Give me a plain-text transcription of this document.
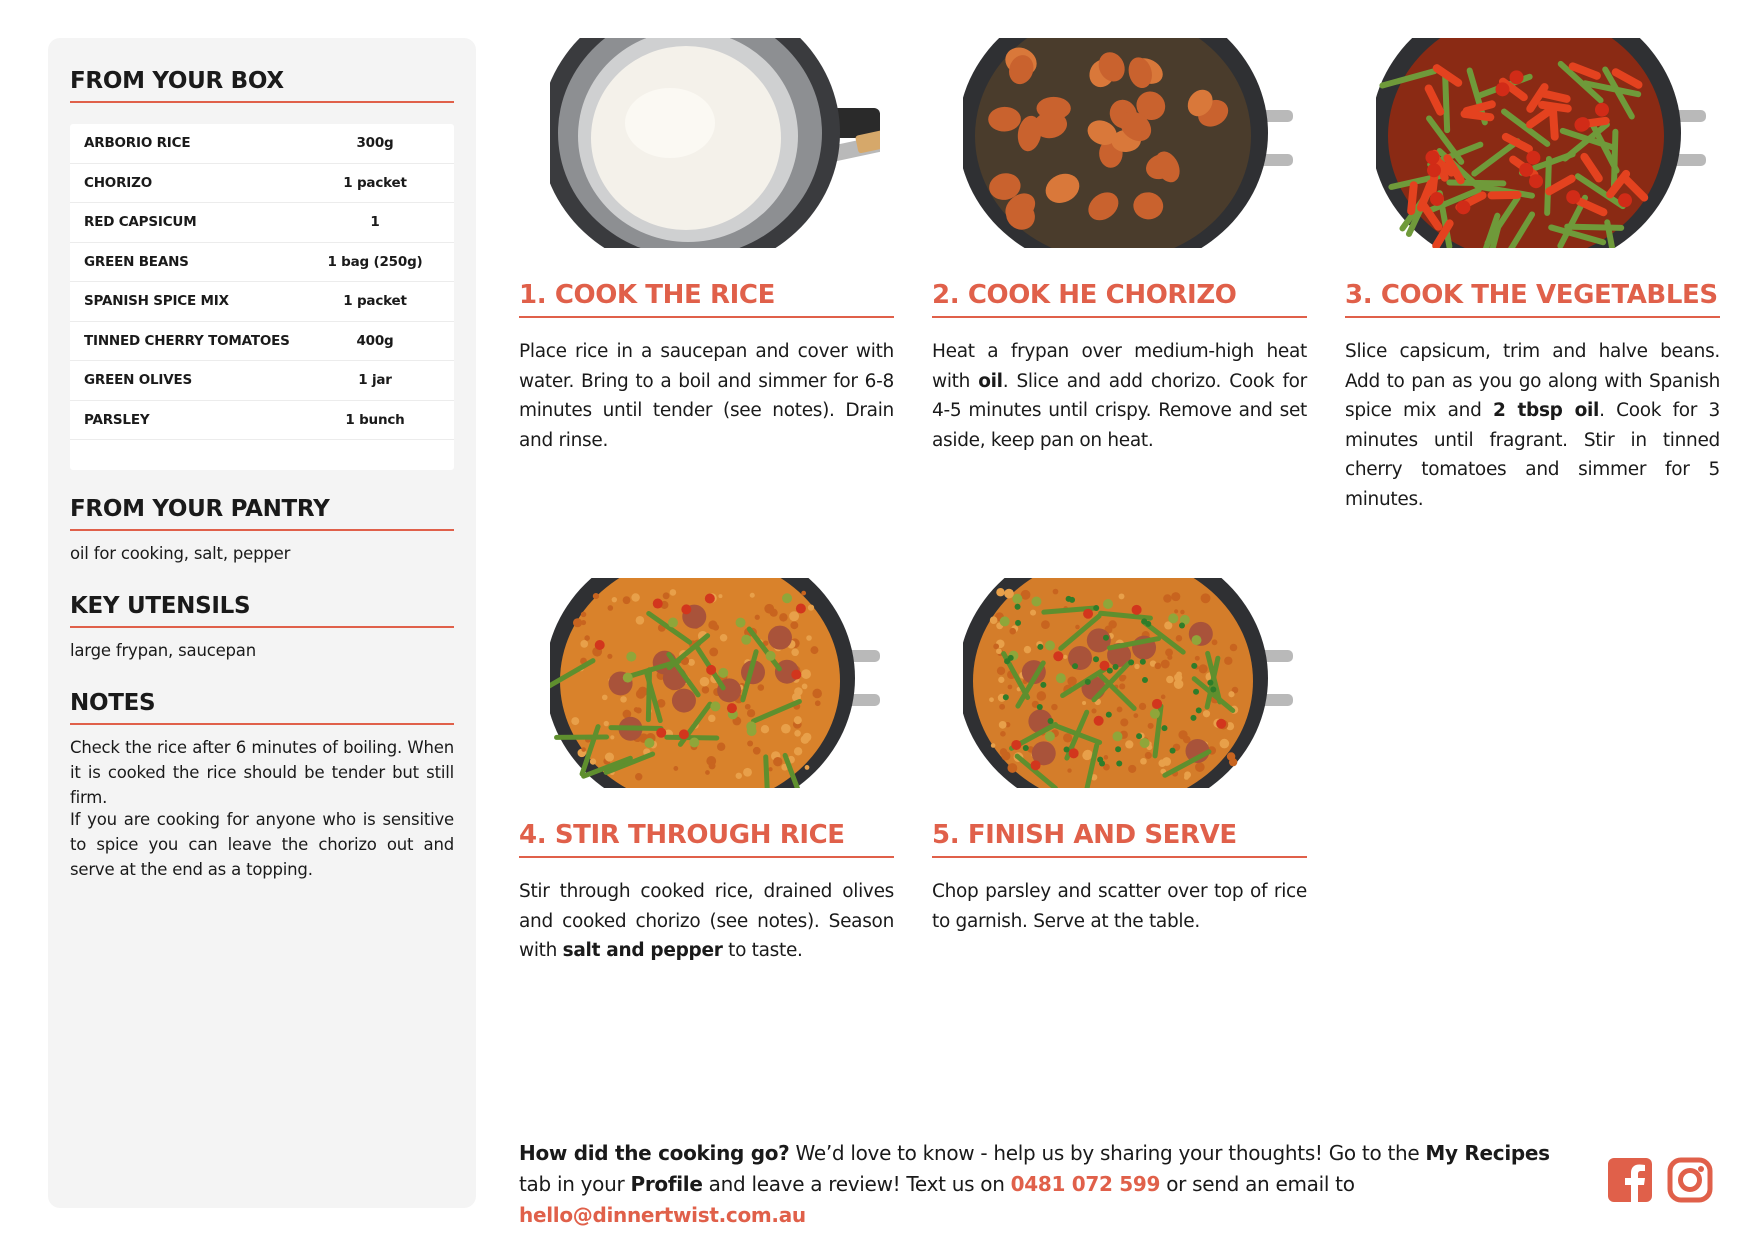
FROM YOUR BOX
ARBORIO RICE	300g
CHORIZO	1 packet
RED CAPSICUM	1
GREEN BEANS	1 bag (250g)
SPANISH SPICE MIX	1 packet
TINNED CHERRY TOMATOES	400g
GREEN OLIVES	1 jar
PARSLEY	1 bunch
FROM YOUR PANTRY

oil for cooking, salt, pepper

KEY UTENSILS

large frypan, saucepan

NOTES

Check the rice after 6 minutes of boiling. When it is cooked the rice should be tender but still firm.

If you are cooking for anyone who is sensitive to spice you can leave the chorizo out and serve at the end as a topping.

1. COOK THE RICE

Place rice in a saucepan and cover with water. Bring to a boil and simmer for 6-8 minutes until tender (see notes). Drain and rinse.

2. COOK HE CHORIZO

Heat a frypan over medium-high heat with oil. Slice and add chorizo. Cook for 4-5 minutes until crispy. Remove and set aside, keep pan on heat.

3. COOK THE VEGETABLES

Slice capsicum, trim and halve beans. Add to pan as you go along with Spanish spice mix and 2 tbsp oil. Cook for 3 minutes until fragrant. Stir in tinned cherry tomatoes and simmer for 5 minutes.

4. STIR THROUGH RICE

Stir through cooked rice, drained olives and cooked chorizo (see notes). Season with salt and pepper to taste.

5. FINISH AND SERVE

Chop parsley and scatter over top of rice to garnish. Serve at the table.

How did the cooking go? We’d love to know - help us by sharing your thoughts! Go to the My Recipes tab in your Profile and leave a review! Text us on 0481 072 599 or send an email to hello@dinnertwist.com.au
